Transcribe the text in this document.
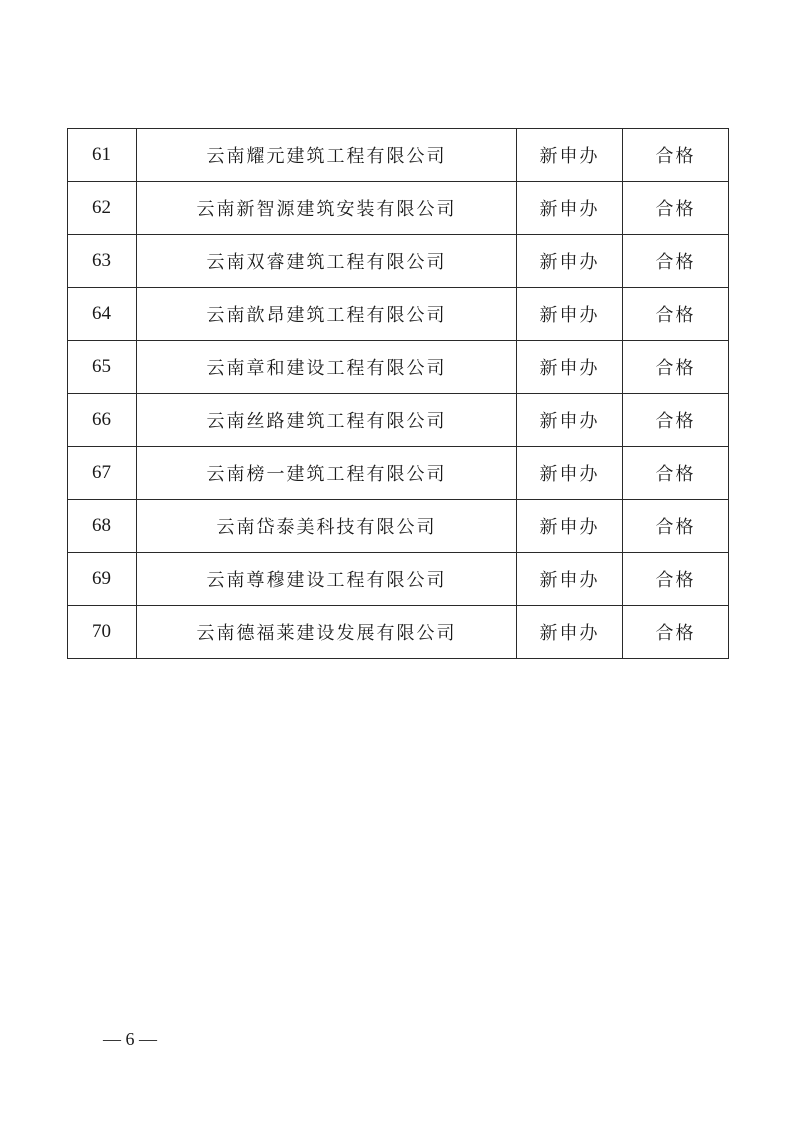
61	云南耀元建筑工程有限公司	新申办	合格
62	云南新智源建筑安装有限公司	新申办	合格
63	云南双睿建筑工程有限公司	新申办	合格
64	云南歆昂建筑工程有限公司	新申办	合格
65	云南章和建设工程有限公司	新申办	合格
66	云南丝路建筑工程有限公司	新申办	合格
67	云南榜一建筑工程有限公司	新申办	合格
68	云南岱泰美科技有限公司	新申办	合格
69	云南尊穆建设工程有限公司	新申办	合格
70	云南德福莱建设发展有限公司	新申办	合格
— 6 —
